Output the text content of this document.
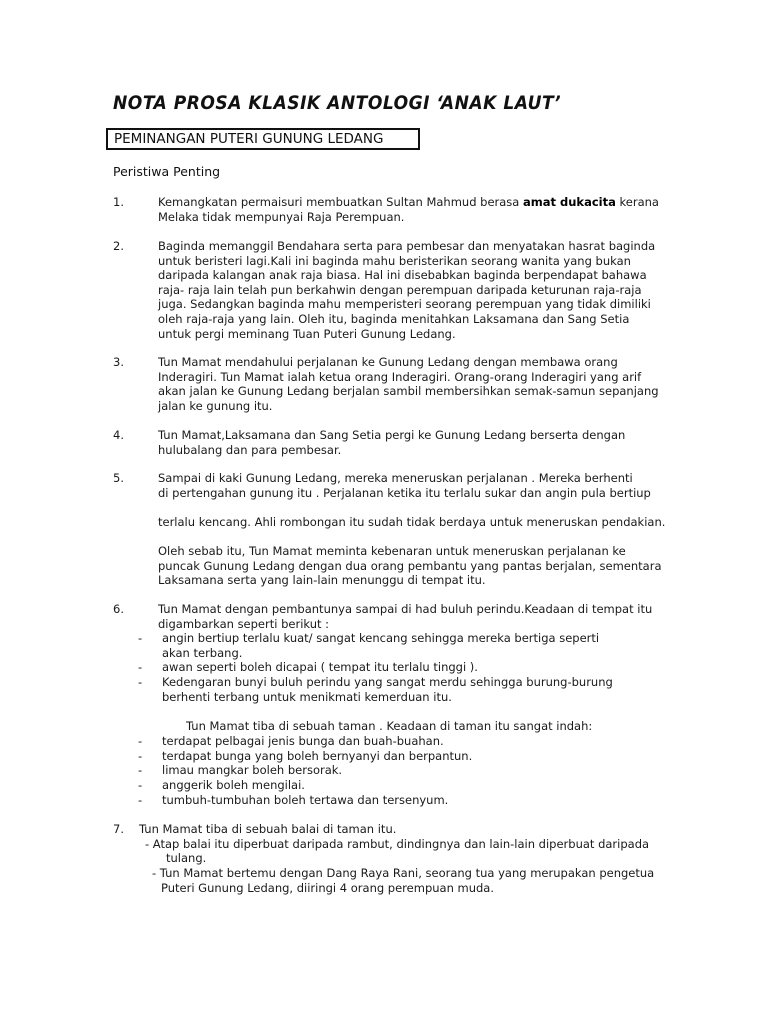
NOTA PROSA KLASIK ANTOLOGI ‘ANAK LAUT’
PEMINANGAN PUTERI GUNUNG LEDANG
Peristiwa Penting
1.	Kemangkatan permaisuri membuatkan Sultan Mahmud berasa amat dukacita kerana
Melaka tidak mempunyai Raja Perempuan.
2.	Baginda memanggil Bendahara serta para pembesar dan menyatakan hasrat baginda
untuk beristeri lagi.Kali ini baginda mahu beristerikan seorang wanita yang bukan
daripada kalangan anak raja biasa. Hal ini disebabkan baginda berpendapat bahawa
raja- raja lain telah pun berkahwin dengan perempuan daripada keturunan raja-raja
juga. Sedangkan baginda mahu memperisteri seorang perempuan yang tidak dimiliki
oleh raja-raja yang lain. Oleh itu, baginda menitahkan Laksamana dan Sang Setia
untuk pergi meminang Tuan Puteri Gunung Ledang.
3.	Tun Mamat mendahului perjalanan ke Gunung Ledang dengan membawa orang
Inderagiri. Tun Mamat ialah ketua orang Inderagiri. Orang-orang Inderagiri yang arif
akan jalan ke Gunung Ledang berjalan sambil membersihkan semak-samun sepanjang
jalan ke gunung itu.
4.	Tun Mamat,Laksamana dan Sang Setia pergi ke Gunung Ledang berserta dengan
hulubalang dan para pembesar.
5.	Sampai di kaki Gunung Ledang, mereka meneruskan perjalanan . Mereka berhenti
di pertengahan gunung itu . Perjalanan ketika itu terlalu sukar dan angin pula bertiup
terlalu kencang. Ahli rombongan itu sudah tidak berdaya untuk meneruskan pendakian.
Oleh sebab itu, Tun Mamat meminta kebenaran untuk meneruskan perjalanan ke
puncak Gunung Ledang dengan dua orang pembantu yang pantas berjalan, sementara
Laksamana serta yang lain-lain menunggu di tempat itu.
6.	Tun Mamat dengan pembantunya sampai di had buluh perindu.Keadaan di tempat itu
digambarkan seperti berikut :
- angin bertiup terlalu kuat/ sangat kencang sehingga mereka bertiga seperti
akan terbang.
- awan seperti boleh dicapai ( tempat itu terlalu tinggi ).
- Kedengaran bunyi buluh perindu yang sangat merdu sehingga burung-burung
berhenti terbang untuk menikmati kemerduan itu.
Tun Mamat tiba di sebuah taman . Keadaan di taman itu sangat indah:
- terdapat pelbagai jenis bunga dan buah-buahan.
- terdapat bunga yang boleh bernyanyi dan berpantun.
- limau mangkar boleh bersorak.
- anggerik boleh mengilai.
- tumbuh-tumbuhan boleh tertawa dan tersenyum.
7. Tun Mamat tiba di sebuah balai di taman itu.
- Atap balai itu diperbuat daripada rambut, dindingnya dan lain-lain diperbuat daripada
tulang.
- Tun Mamat bertemu dengan Dang Raya Rani, seorang tua yang merupakan pengetua
Puteri Gunung Ledang, diiringi 4 orang perempuan muda.
